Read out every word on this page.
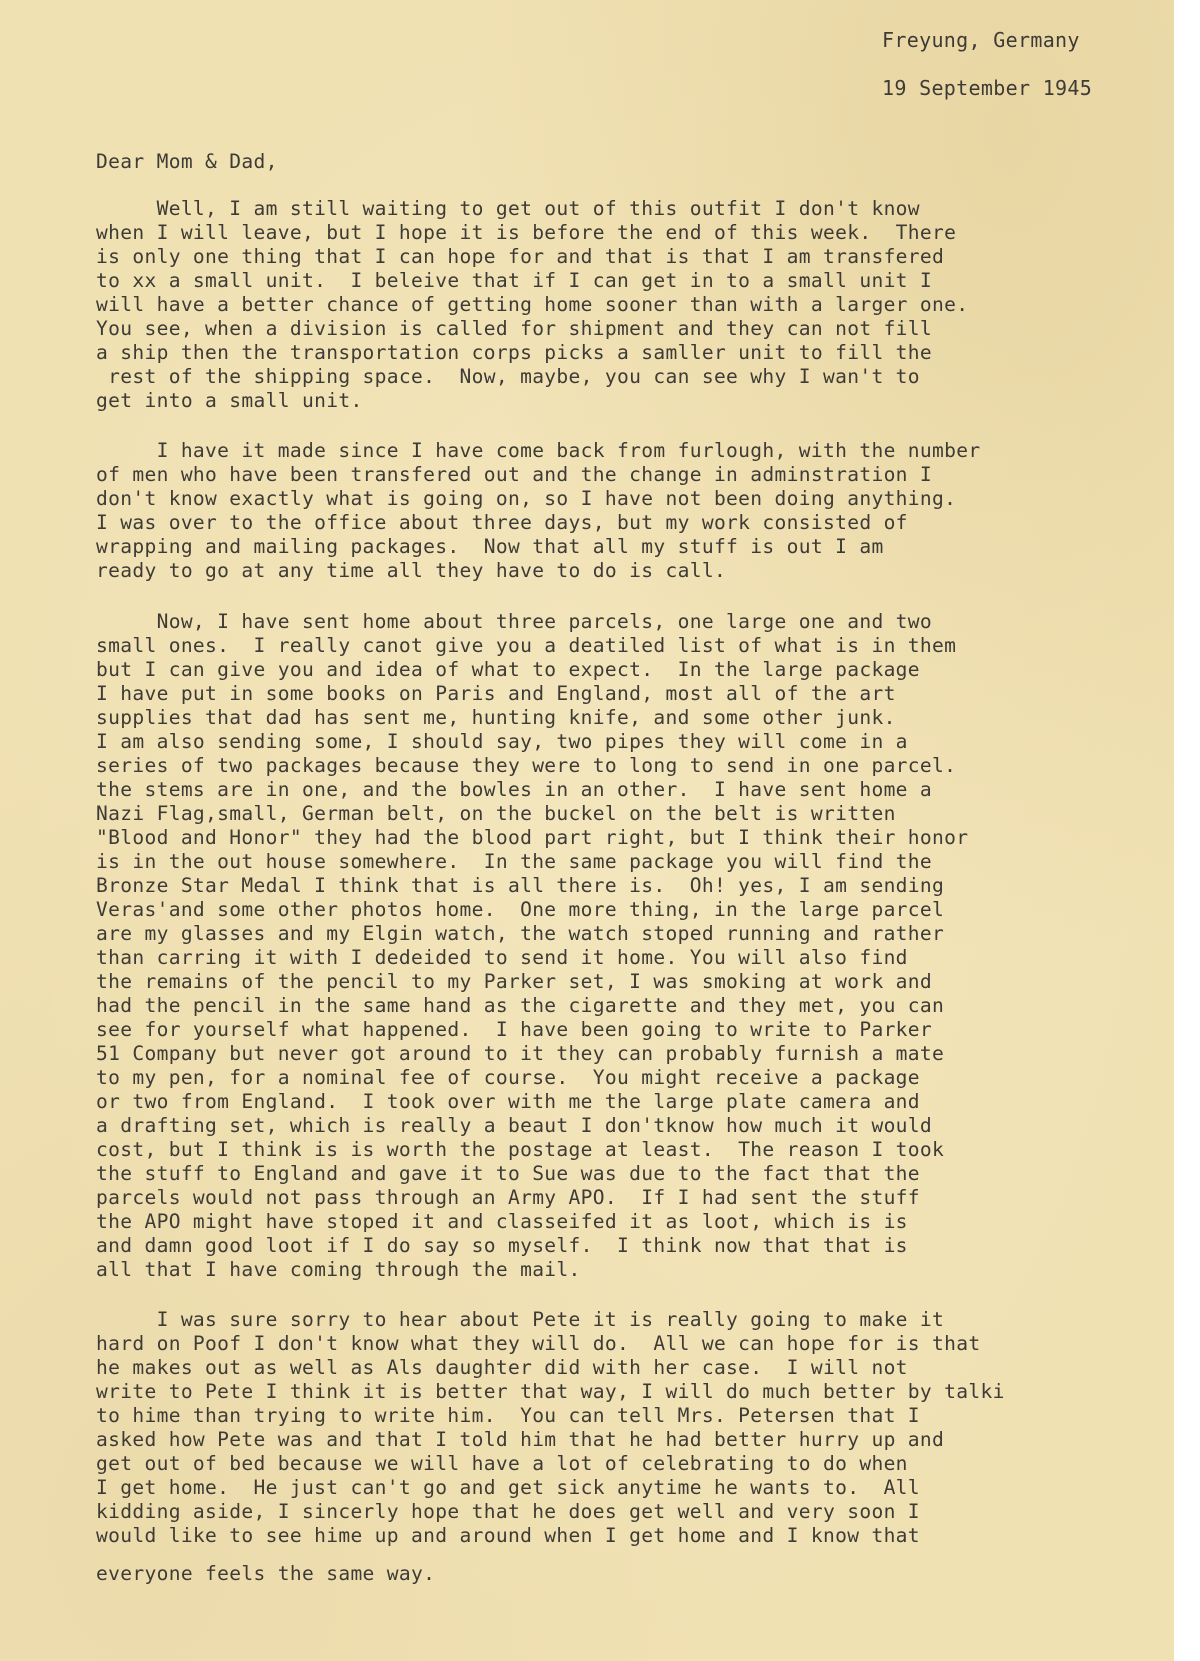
Freyung, Germany

19 September 1945

Dear Mom & Dad,

Well, I am still waiting to get out of this outfit I don't know

when I will leave, but I hope it is before the end of this week.  There

is only one thing that I can hope for and that is that I am transfered

to xx a small unit.  I beleive that if I can get in to a small unit I

will have a better chance of getting home sooner than with a larger one.

You see, when a division is called for shipment and they can not fill

a ship then the transportation corps picks a samller unit to fill the

rest of the shipping space.  Now, maybe, you can see why I wan't to

get into a small unit.

I have it made since I have come back from furlough, with the number

of men who have been transfered out and the change in adminstration I

don't know exactly what is going on, so I have not been doing anything.

I was over to the office about three days, but my work consisted of

wrapping and mailing packages.  Now that all my stuff is out I am

ready to go at any time all they have to do is call.

Now, I have sent home about three parcels, one large one and two

small ones.  I really canot give you a deatiled list of what is in them

but I can give you and idea of what to expect.  In the large package

I have put in some books on Paris and England, most all of the art

supplies that dad has sent me, hunting knife, and some other junk.

I am also sending some, I should say, two pipes they will come in a

series of two packages because they were to long to send in one parcel.

the stems are in one, and the bowles in an other.  I have sent home a

Nazi Flag,small, German belt, on the buckel on the belt is written

"Blood and Honor" they had the blood part right, but I think their honor

is in the out house somewhere.  In the same package you will find the

Bronze Star Medal I think that is all there is.  Oh! yes, I am sending

Veras'and some other photos home.  One more thing, in the large parcel

are my glasses and my Elgin watch, the watch stoped running and rather

than carring it with I dedeided to send it home. You will also find

the remains of the pencil to my Parker set, I was smoking at work and

had the pencil in the same hand as the cigarette and they met, you can

see for yourself what happened.  I have been going to write to Parker

51 Company but never got around to it they can probably furnish a mate

to my pen, for a nominal fee of course.  You might receive a package

or two from England.  I took over with me the large plate camera and

a drafting set, which is really a beaut I don'tknow how much it would

cost, but I think is is worth the postage at least.  The reason I took

the stuff to England and gave it to Sue was due to the fact that the

parcels would not pass through an Army APO.  If I had sent the stuff

the APO might have stoped it and classeifed it as loot, which is is

and damn good loot if I do say so myself.  I think now that that is

all that I have coming through the mail.

I was sure sorry to hear about Pete it is really going to make it

hard on Poof I don't know what they will do.  All we can hope for is that

he makes out as well as Als daughter did with her case.  I will not

write to Pete I think it is better that way, I will do much better by talki

to hime than trying to write him.  You can tell Mrs. Petersen that I

asked how Pete was and that I told him that he had better hurry up and

get out of bed because we will have a lot of celebrating to do when

I get home.  He just can't go and get sick anytime he wants to.  All

kidding aside, I sincerly hope that he does get well and very soon I

would like to see hime up and around when I get home and I know that

everyone feels the same way.
